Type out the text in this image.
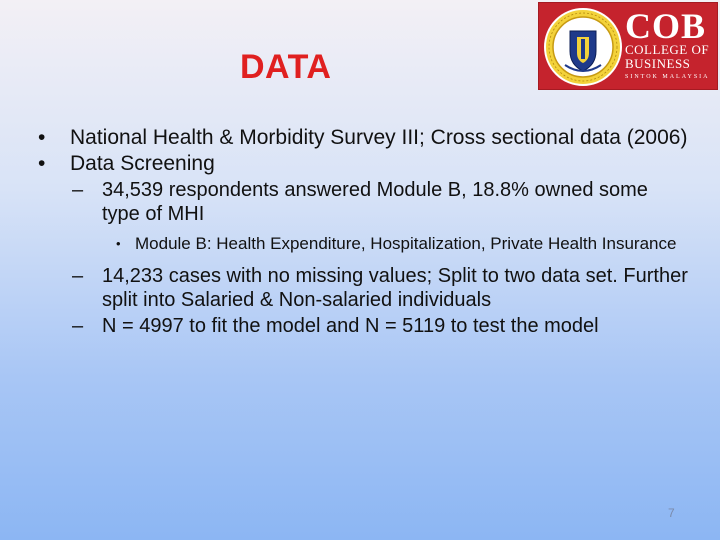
DATA
COB
COLLEGE OF
BUSINESS
SINTOK MALAYSIA
• National Health & Morbidity Survey III; Cross sectional data (2006)
• Data Screening
– 34,539 respondents answered Module B, 18.8% owned some type of MHI
• Module B: Health Expenditure, Hospitalization, Private Health Insurance
– 14,233 cases with no missing values; Split to two data set. Further split into Salaried & Non-salaried individuals
– N = 4997 to fit the model and N = 5119 to test the model
7
